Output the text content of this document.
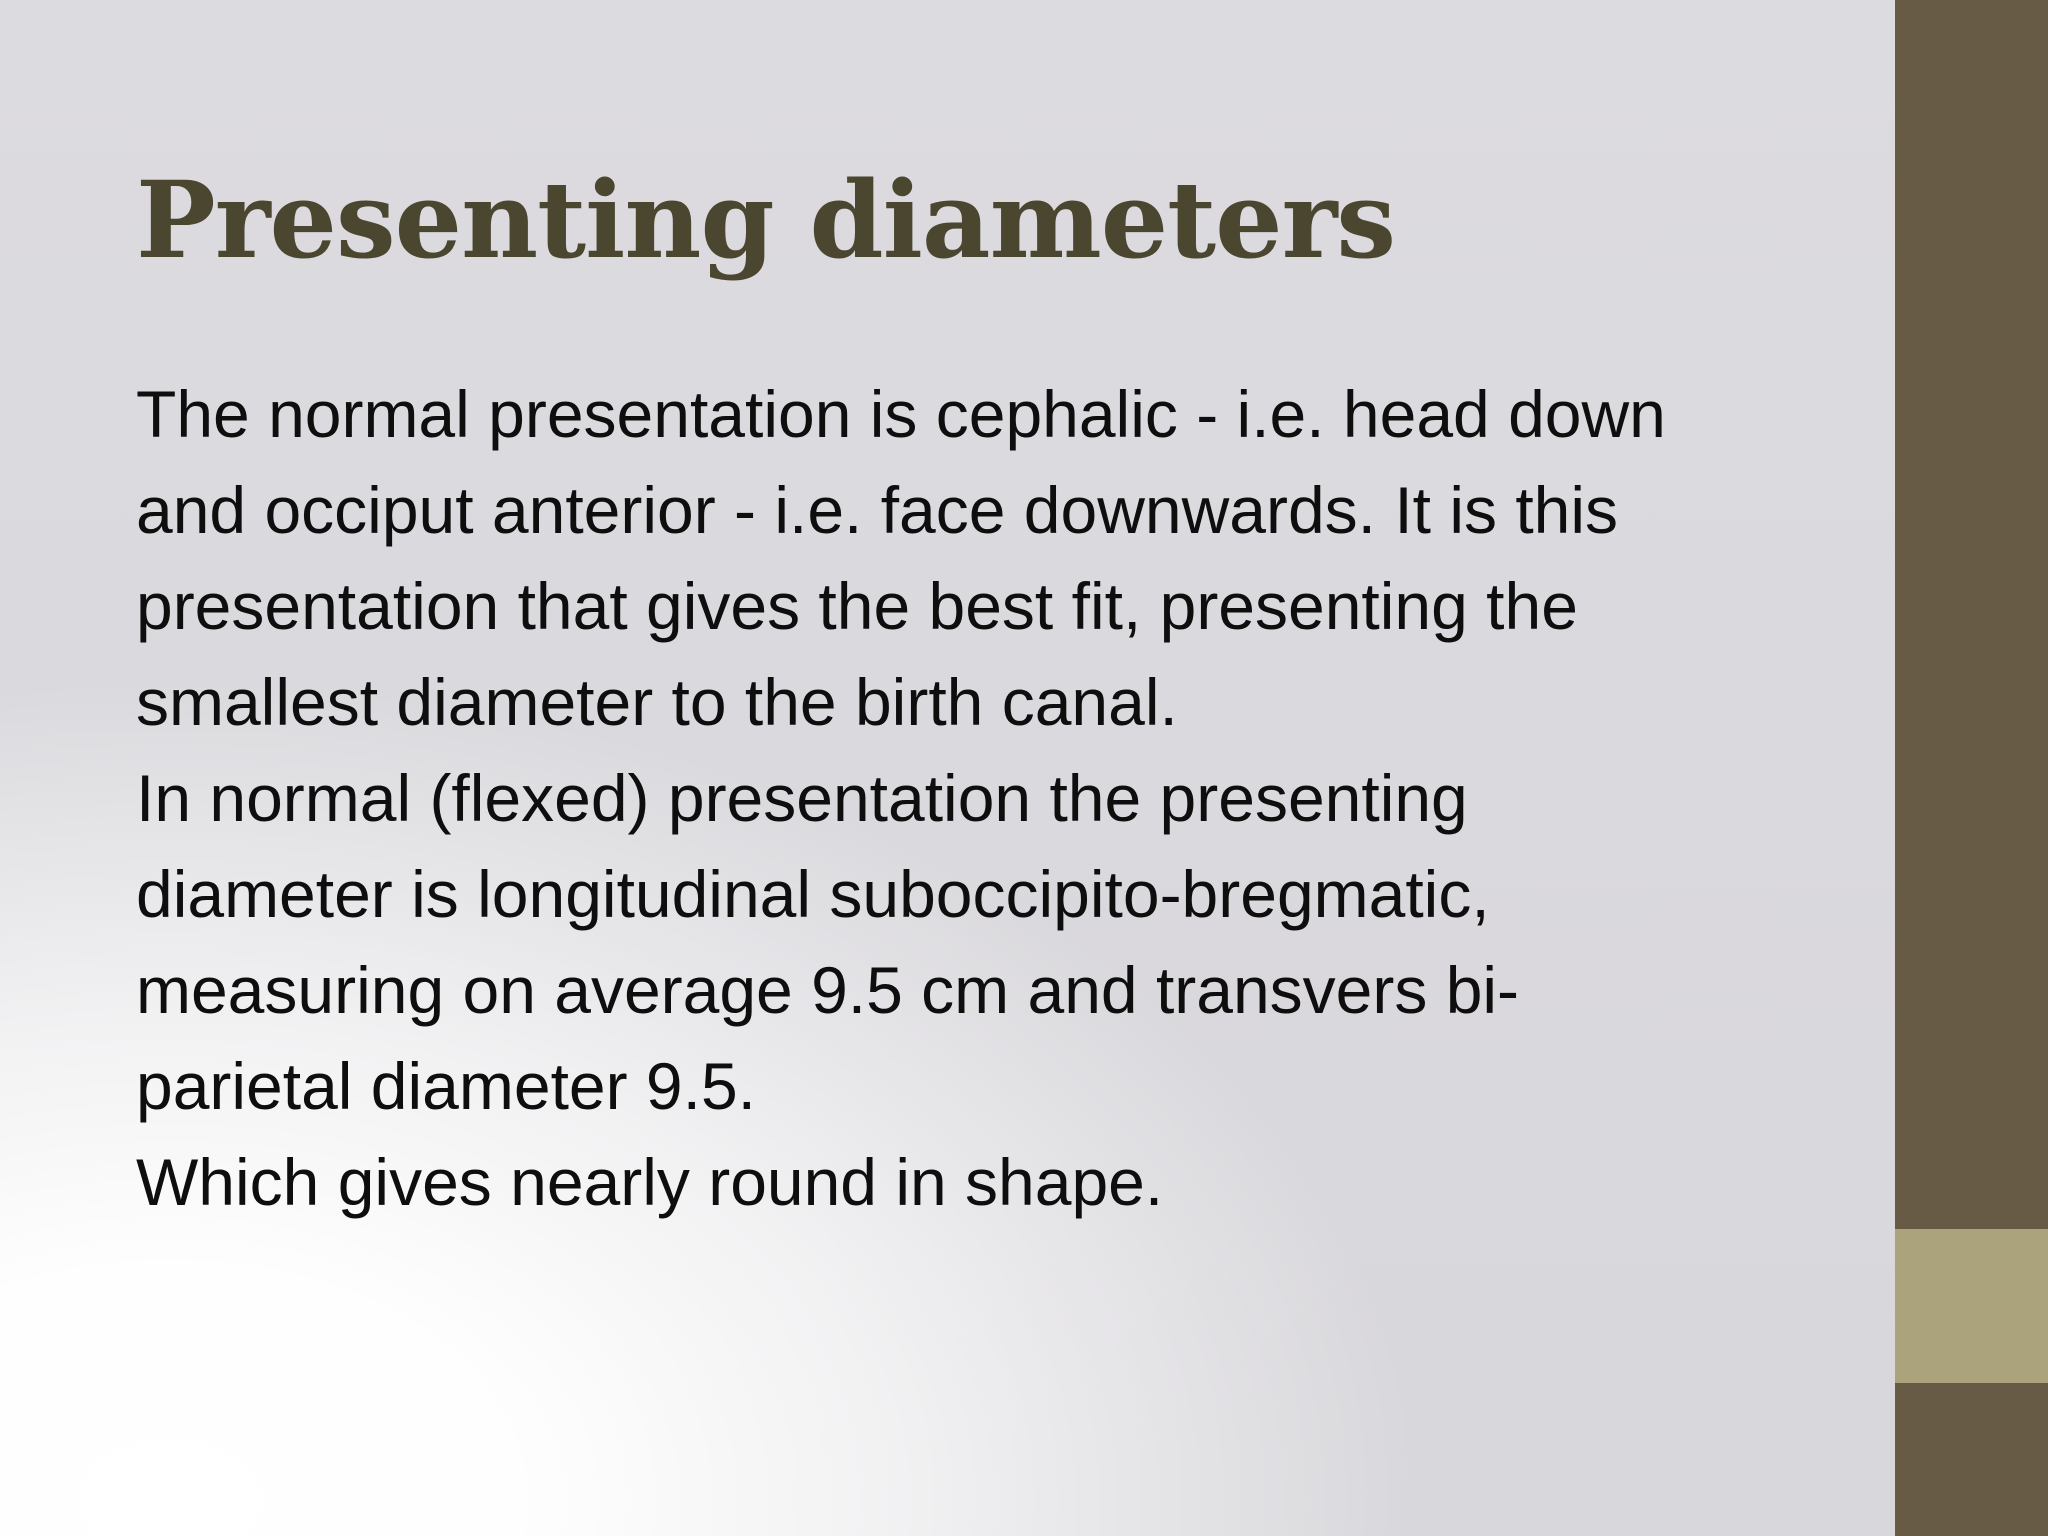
Presenting diameters
The normal presentation is cephalic - i.e. head down
and occiput anterior - i.e. face downwards. It is this
presentation that gives the best fit, presenting the
smallest diameter to the birth canal.
In normal (flexed) presentation the presenting
diameter is longitudinal suboccipito-bregmatic,
measuring on average 9.5 cm and transvers bi-
parietal diameter 9.5.
Which gives nearly round in shape.
